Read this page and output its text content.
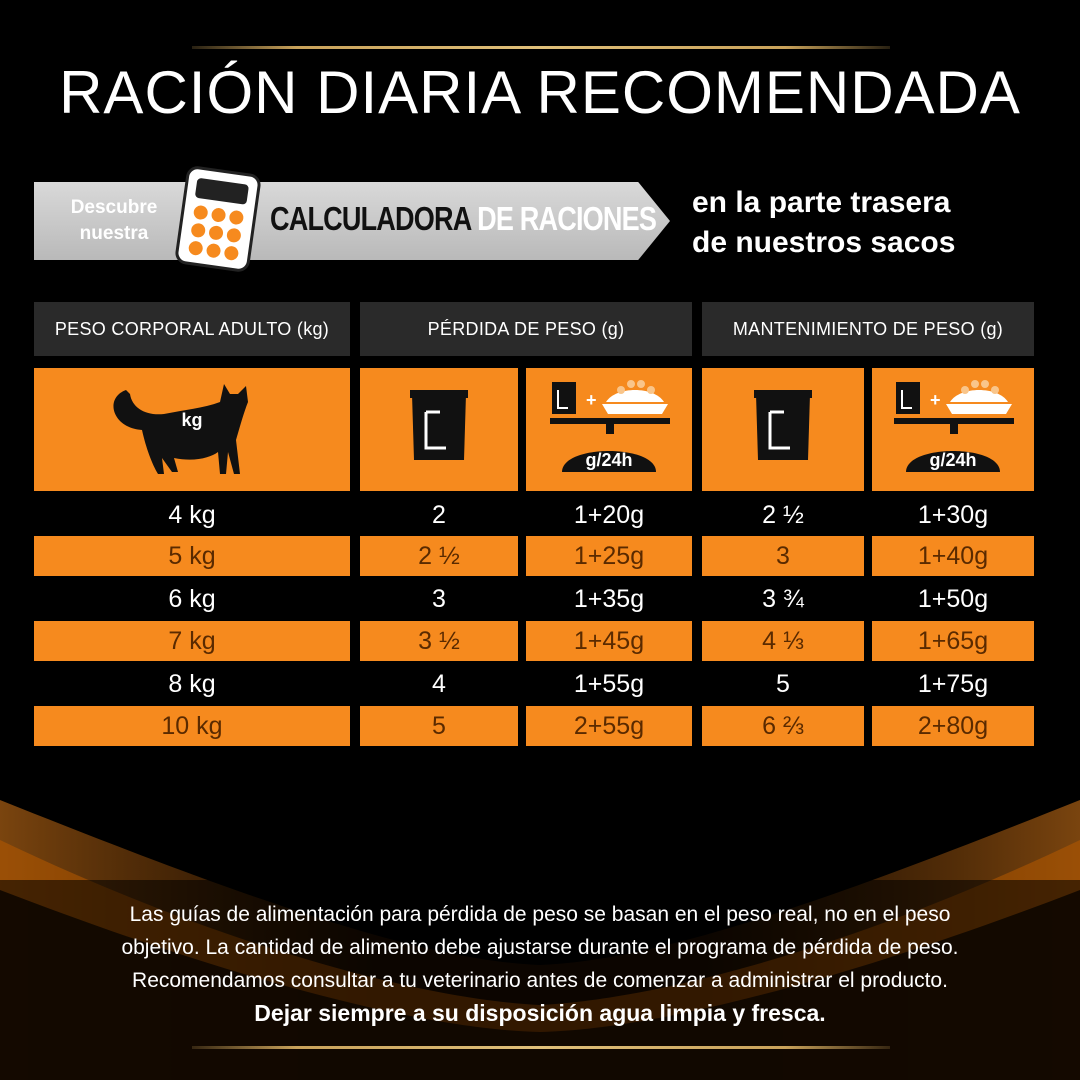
RACIÓN DIARIA RECOMENDADA
Descubre
nuestra	CALCULADORA DE RACIONES en la parte trasera
de nuestros sacos
PESO CORPORAL ADULTO (kg)	PÉRDIDA DE PESO (g)	MANTENIMIENTO DE PESO (g)
kg
+
g/24h
+
g/24h
4 kg	2	1+20g	2 ½	1+30g
5 kg	2 ½	1+25g	3	1+40g
6 kg	3	1+35g	3 ¾	1+50g
7 kg	3 ½	1+45g	4 ⅓	1+65g
8 kg	4	1+55g	5	1+75g
10 kg	5	2+55g	6 ⅔	2+80g
Las guías de alimentación para pérdida de peso se basan en el peso real, no en el peso
objetivo. La cantidad de alimento debe ajustarse durante el programa de pérdida de peso.
Recomendamos consultar a tu veterinario antes de comenzar a administrar el producto.
Dejar siempre a su disposición agua limpia y fresca.
